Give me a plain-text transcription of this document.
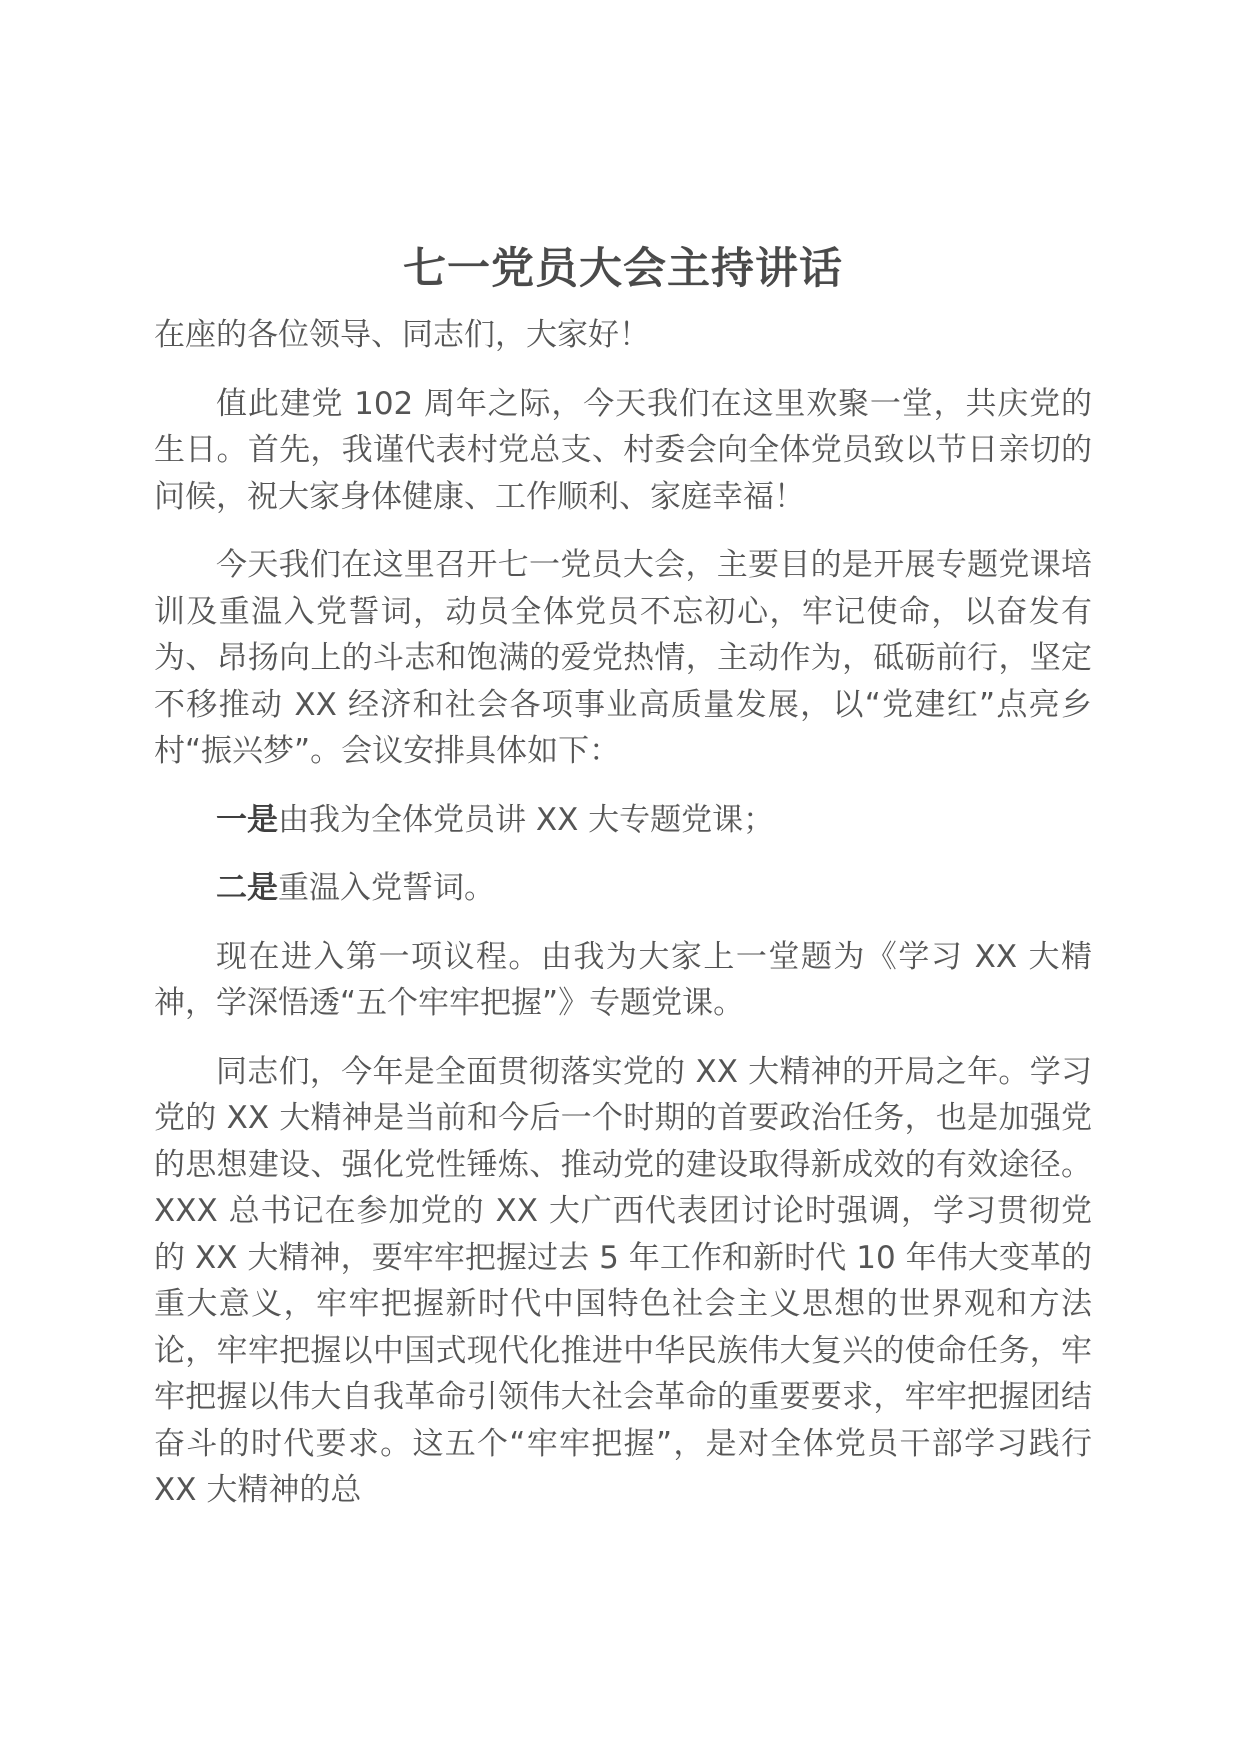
七一党员大会主持讲话

在座的各位领导、同志们，大家好！

值此建党 102 周年之际，今天我们在这里欢聚一堂，共庆党的生日。首先，我谨代表村党总支、村委会向全体党员致以节日亲切的问候，祝大家身体健康、工作顺利、家庭幸福！

今天我们在这里召开七一党员大会，主要目的是开展专题党课培训及重温入党誓词，动员全体党员不忘初心，牢记使命，以奋发有为、昂扬向上的斗志和饱满的爱党热情，主动作为，砥砺前行，坚定不移推动 XX 经济和社会各项事业高质量发展，以“党建红”点亮乡村“振兴梦”。会议安排具体如下：

一是由我为全体党员讲 XX 大专题党课；

二是重温入党誓词。

现在进入第一项议程。由我为大家上一堂题为《学习 XX 大精神，学深悟透“五个牢牢把握”》专题党课。

同志们，今年是全面贯彻落实党的 XX 大精神的开局之年。学习党的 XX 大精神是当前和今后一个时期的首要政治任务，也是加强党的思想建设、强化党性锤炼、推动党的建设取得新成效的有效途径。XXX 总书记在参加党的 XX 大广西代表团讨论时强调，学习贯彻党的 XX 大精神，要牢牢把握过去 5 年工作和新时代 10 年伟大变革的重大意义，牢牢把握新时代中国特色社会主义思想的世界观和方法论，牢牢把握以中国式现代化推进中华民族伟大复兴的使命任务，牢牢把握以伟大自我革命引领伟大社会革命的重要要求，牢牢把握团结奋斗的时代要求。这五个“牢牢把握”，是对全体党员干部学习践行 XX 大精神的总
